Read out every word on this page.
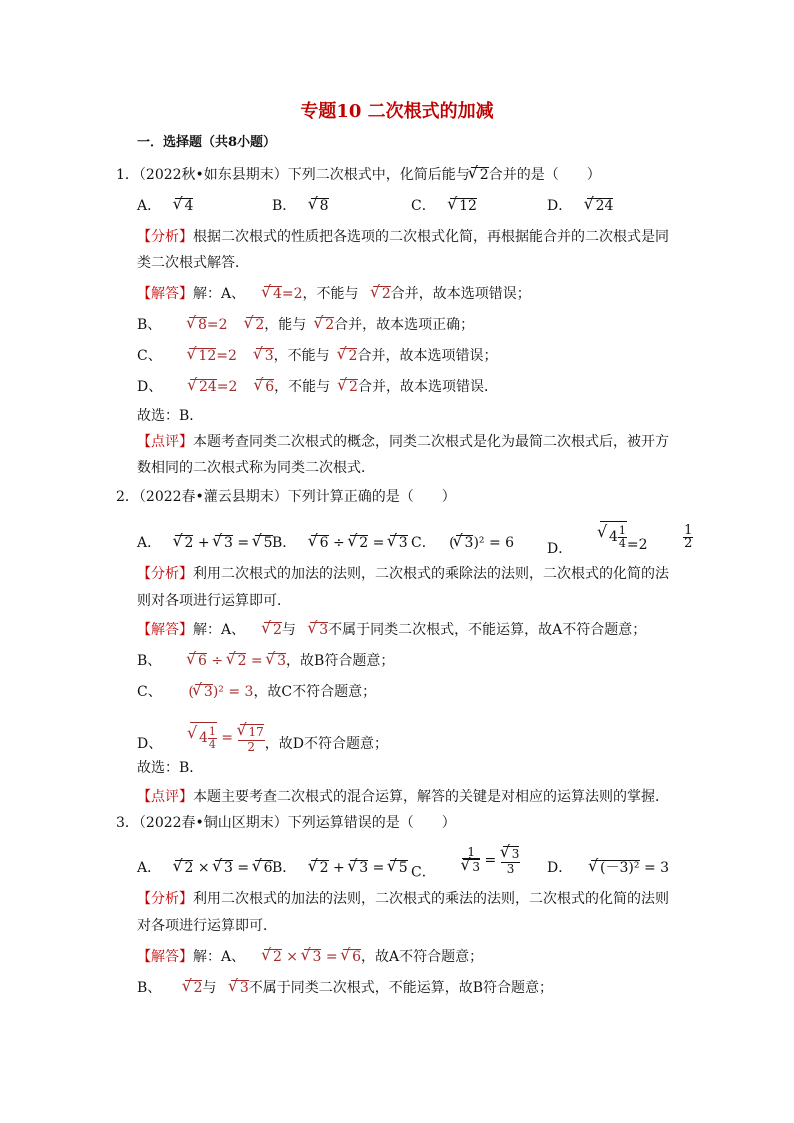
专题10 二次根式的加减
一．选择题（共8小题）
1．（2022秋•如东县期末）下列二次根式中，化简后能与 √ 2合并的是（　　）
A． √ 4	B． √ 8	C． √ 12	D． √ 24
【分析】根据二次根式的性质把各选项的二次根式化简，再根据能合并的二次根式是同
类二次根式解答．
【解答】解：A、 √ 4=2，不能与 √ 2合并，故本选项错误；
B、	√ 8=2 √ 2，能与 √ 2合并，故本选项正确；
C、	√ 12=2 √ 3，不能与 √ 2合并，故本选项错误；
D、	√ 24=2 √ 6，不能与 √ 2合并，故本选项错误．
故选：B．
【点评】本题考查同类二次根式的概念，同类二次根式是化为最简二次根式后，被开方
数相同的二次根式称为同类二次根式．
2．（2022春•灌云县期末）下列计算正确的是（　　）
A． √ 2 + √ 3 = √ 5 B． √ 6 ÷ √ 2 = √ 3 C． ( √ 3)² = 6 D．      √ $4 \frac{1}{4} =2$	$\frac{1}{2}$
【分析】利用二次根式的加法的法则，二次根式的乘除法的法则，二次根式的化简的法
则对各项进行运算即可．
【解答】解：A、 √ 2与 √ 3不属于同类二次根式，不能运算，故A不符合题意；
B、	√ 6 ÷ √ 2 = √ 3，故B符合题意；
C、 ( √ 3)² = 3，故C不符合题意；
D、	√ $4 \frac{1}{4}$ = √ $\frac{17}{2}$ ，故D不符合题意；
故选：B．
【点评】本题主要考查二次根式的混合运算，解答的关键是对相应的运算法则的掌握．
3．（2022春•铜山区期末）下列运算错误的是（　　）
A． √ 2 × √ 3 = √ 6 B． √ 2 + √ 3 = √ 5 C． 1
√ 3 = √ $\frac{3}{3}$ D． √ (－3)² = 3
【分析】利用二次根式的加法的法则，二次根式的乘法的法则，二次根式的化简的法则
对各项进行运算即可．
【解答】解：A、 √ 2 × √ 3 = √ 6，故A不符合题意；
B、 √ 2与 √ 3不属于同类二次根式，不能运算，故B符合题意；
